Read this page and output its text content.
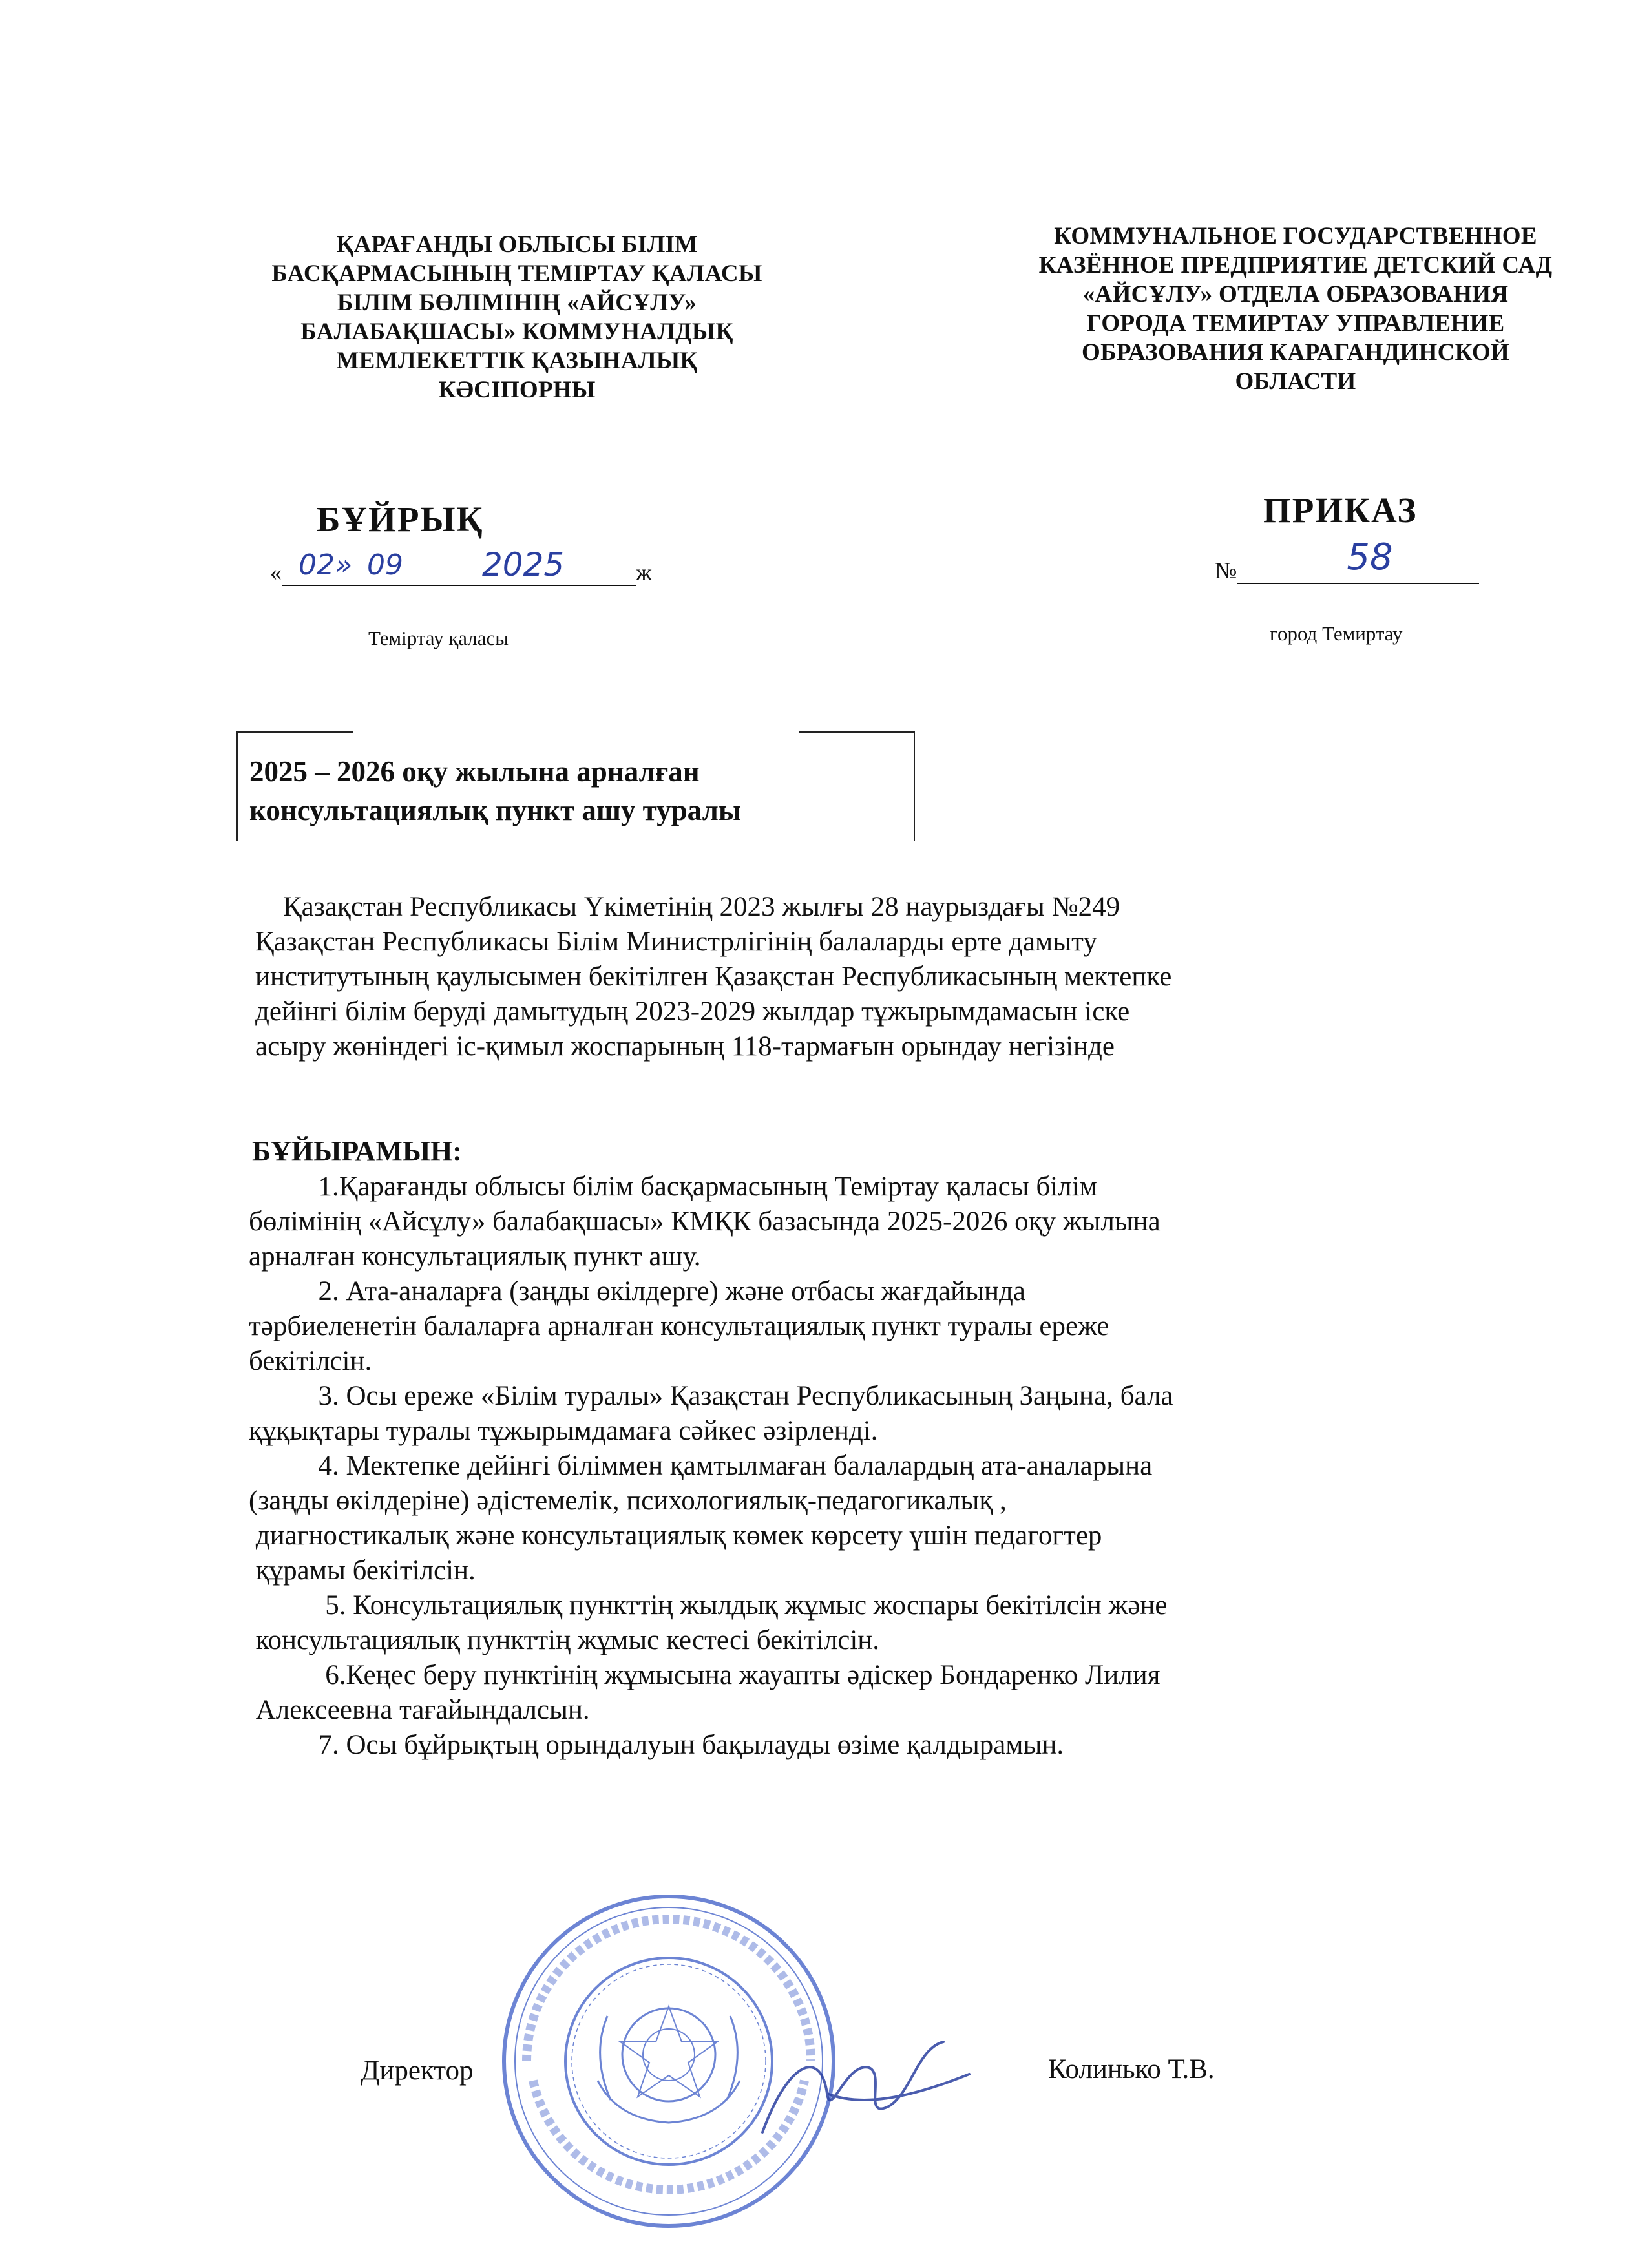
ҚАРАҒАНДЫ ОБЛЫСЫ БІЛІМ
БАСҚАРМАСЫНЫҢ ТЕМІРТАУ ҚАЛАСЫ
БІЛІМ БӨЛІМІНІҢ «АЙСҰЛУ»
БАЛАБАҚШАСЫ» КОММУНАЛДЫҚ
МЕМЛЕКЕТТІК ҚАЗЫНАЛЫҚ
КӘСІПОРНЫ
КОММУНАЛЬНОЕ ГОСУДАРСТВЕННОЕ
КАЗЁННОЕ ПРЕДПРИЯТИЕ ДЕТСКИЙ САД
«АЙСҰЛУ» ОТДЕЛА ОБРАЗОВАНИЯ
ГОРОДА ТЕМИРТАУ УПРАВЛЕНИЕ
ОБРАЗОВАНИЯ КАРАГАНДИНСКОЙ
ОБЛАСТИ
БҰЙРЫҚ	ПРИКАЗ
« 02» 09 2025	ж	№	58
Теміртау қаласы	город Темиртау
2025 – 2026 оқу жылына арналған
консультациялық пункт ашу туралы
Қазақстан Республикасы Үкіметінің 2023 жылғы 28 наурыздағы №249
Қазақстан Республикасы Білім Министрлігінің балаларды ерте дамыту
институтының қаулысымен бекітілген Қазақстан Республикасының мектепке
дейінгі білім беруді дамытудың 2023-2029 жылдар тұжырымдамасын іске
асыру жөніндегі іс-қимыл жоспарының 118-тармағын орындау негізінде
БҰЙЫРАМЫН:
1.Қарағанды облысы білім басқармасының Теміртау қаласы білім
бөлімінің «Айсұлу» балабақшасы» КМҚК базасында 2025-2026 оқу жылына
арналған консультациялық пункт ашу.
2. Ата-аналарға (заңды өкілдерге) және отбасы жағдайында
тәрбиеленетін балаларға арналған консультациялық пункт туралы ереже
бекітілсін.
3. Осы ереже «Білім туралы» Қазақстан Республикасының Заңына, бала
құқықтары туралы тұжырымдамаға сәйкес әзірленді.
4. Мектепке дейінгі біліммен қамтылмаған балалардың ата-аналарына
(заңды өкілдеріне) әдістемелік, психологиялық-педагогикалық ,
диагностикалық және консультациялық көмек көрсету үшін педагогтер
құрамы бекітілсін.
5. Консультациялық пункттің жылдық жұмыс жоспары бекітілсін және
консультациялық пункттің жұмыс кестесі бекітілсін.
6.Кеңес беру пунктінің жұмысына жауапты әдіскер Бондаренко Лилия
Алексеевна тағайындалсын.
7. Осы бұйрықтың орындалуын бақылауды өзіме қалдырамын.
Директор	Колинько Т.В.
